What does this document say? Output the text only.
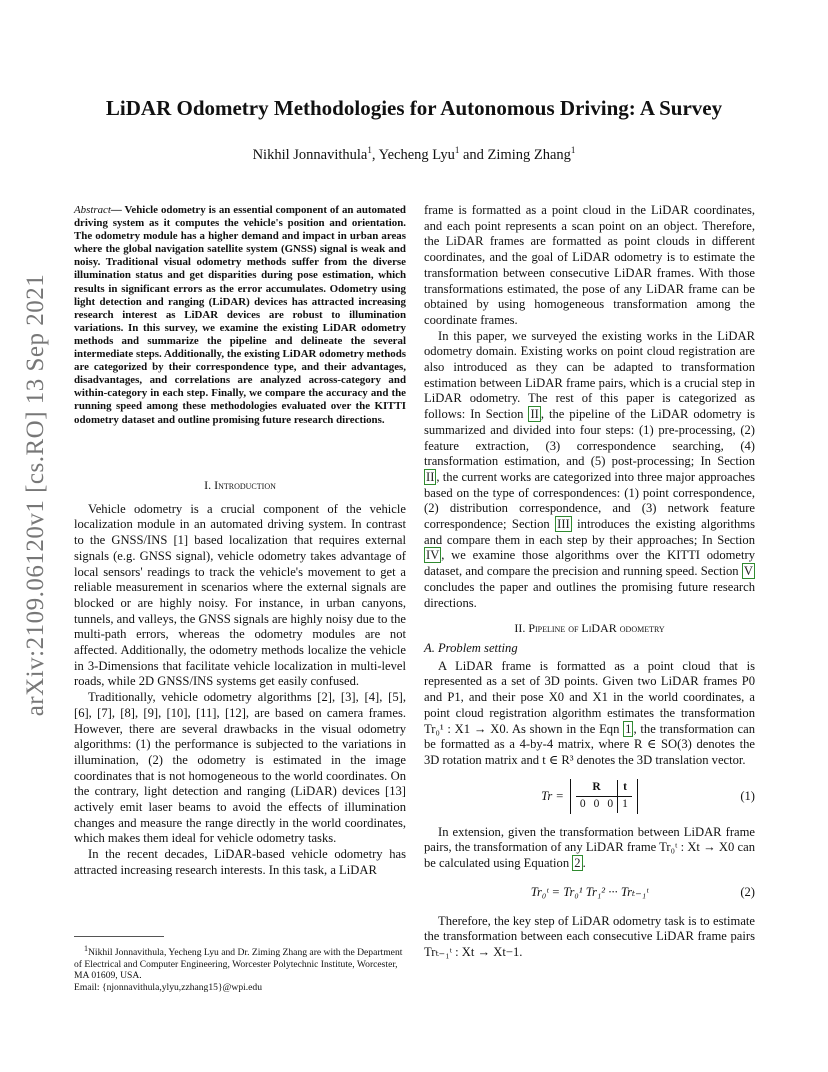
LiDAR Odometry Methodologies for Autonomous Driving: A Survey
Nikhil Jonnavithula$^1$, Yecheng Lyu$^1$ and Ziming Zhang$^1$
arXiv:2109.06120v1 [cs.RO] 13 Sep 2021
Abstract— Vehicle odometry is an essential component of an automated driving system as it computes the vehicle's position and orientation. The odometry module has a higher demand and impact in urban areas where the global navigation satellite system (GNSS) signal is weak and noisy. Traditional visual odometry methods suffer from the diverse illumination status and get disparities during pose estimation, which results in significant errors as the error accumulates. Odometry using light detection and ranging (LiDAR) devices has attracted increasing research interest as LiDAR devices are robust to illumination variations. In this survey, we examine the existing LiDAR odometry methods and summarize the pipeline and delineate the several intermediate steps. Additionally, the existing LiDAR odometry methods are categorized by their correspondence type, and their advantages, disadvantages, and correlations are analyzed across-category and within-category in each step. Finally, we compare the accuracy and the running speed among these methodologies evaluated over the KITTI odometry dataset and outline promising future research directions.
I. Introduction

Vehicle odometry is a crucial component of the vehicle localization module in an automated driving system. In contrast to the GNSS/INS [1] based localization that requires external signals (e.g. GNSS signal), vehicle odometry takes advantage of local sensors' readings to track the vehicle's movement to get a reliable measurement in scenarios where the external signals are blocked or are highly noisy. For instance, in urban canyons, tunnels, and valleys, the GNSS signals are highly noisy due to the multi-path errors, whereas the odometry modules are not affected. Additionally, the odometry methods localize the vehicle in 3-Dimensions that facilitate vehicle localization in multi-level roads, while 2D GNSS/INS systems get easily confused.

Traditionally, vehicle odometry algorithms [2], [3], [4], [5], [6], [7], [8], [9], [10], [11], [12], are based on camera frames. However, there are several drawbacks in the visual odometry algorithms: (1) the performance is subjected to the variations in illumination, (2) the odometry is estimated in the image coordinates that is not homogeneous to the world coordinates. On the contrary, light detection and ranging (LiDAR) devices [13] actively emit laser beams to avoid the effects of illumination changes and measure the range directly in the world coordinates, which makes them ideal for vehicle odometry tasks.

In the recent decades, LiDAR-based vehicle odometry has attracted increasing research interests. In this task, a LiDAR

$^1$Nikhil Jonnavithula, Yecheng Lyu and Dr. Ziming Zhang are with the Department of Electrical and Computer Engineering, Worcester Polytechnic Institute, Worcester, MA 01609, USA.
Email: {njonnavithula,ylyu,zzhang15}@wpi.edu

frame is formatted as a point cloud in the LiDAR coordinates, and each point represents a scan point on an object. Therefore, the LiDAR frames are formatted as point clouds in different coordinates, and the goal of LiDAR odometry is to estimate the transformation between consecutive LiDAR frames. With those transformations estimated, the pose of any LiDAR frame can be obtained by using homogeneous transformation among the coordinate frames.

In this paper, we surveyed the existing works in the LiDAR odometry domain. Existing works on point cloud registration are also introduced as they can be adapted to transformation estimation between LiDAR frame pairs, which is a crucial step in LiDAR odometry. The rest of this paper is categorized as follows: In Section II , the pipeline of the LiDAR odometry is summarized and divided into four steps: (1) pre-processing, (2) feature extraction, (3) correspondence searching, (4) transformation estimation, and (5) post-processing; In Section II , the current works are categorized into three major approaches based on the type of correspondences: (1) point correspondence, (2) distribution correspondence, and (3) network feature correspondence; Section III introduces the existing algorithms and compare them in each step by their approaches; In Section IV , we examine those algorithms over the KITTI odometry dataset, and compare the precision and running speed. Section V concludes the paper and outlines the promising future research directions.

II. Pipeline of LiDAR odometry
A. Problem setting

A LiDAR frame is formatted as a point cloud that is represented as a set of 3D points. Given two LiDAR frames P0 and P1, and their pose X0 and X1 in the world coordinates, a point cloud registration algorithm estimates the transformation Tr₀¹ : X1 → X0. As shown in the Eqn 1 , the transformation can be formatted as a 4-by-4 matrix, where R ∈ SO(3) denotes the 3D rotation matrix and t ∈ R³ denotes the 3D translation vector.

Tr =
R			t
0	0	0	1
(1)

In extension, given the transformation between LiDAR frame pairs, the transformation of any LiDAR frame Tr₀ᵗ : Xt → X0 can be calculated using Equation 2 .

Tr₀ᵗ = Tr₀¹ Tr₁² ··· Trₜ₋₁ᵗ	(2)

Therefore, the key step of LiDAR odometry task is to estimate the transformation between each consecutive LiDAR frame pairs Trₜ₋₁ᵗ : Xt → Xt−1.
